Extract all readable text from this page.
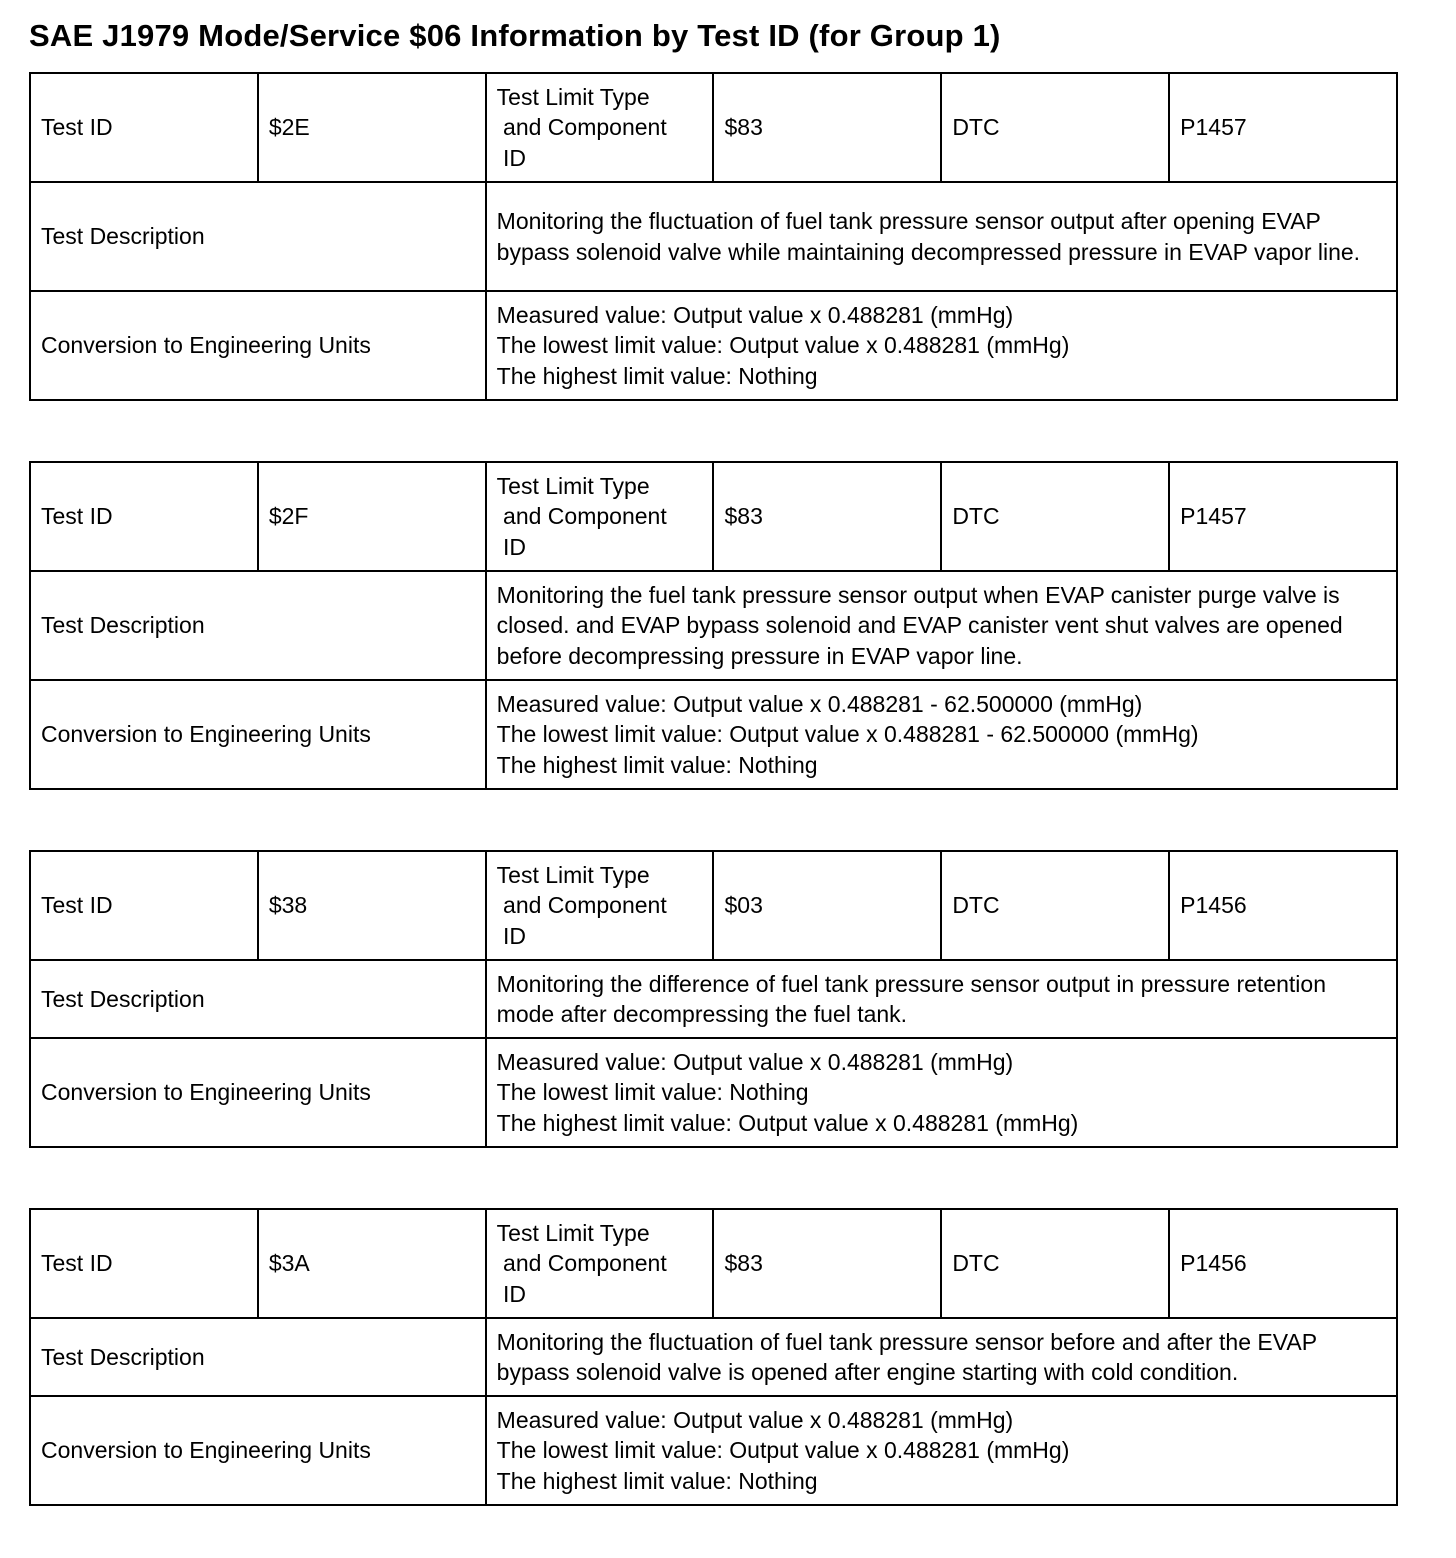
SAE J1979 Mode/Service $06 Information by Test ID (for Group 1)
Test ID	$2E	Test Limit Type
and Component
ID	$83	DTC	P1457
Test Description		Monitoring the fluctuation of fuel tank pressure sensor output after opening EVAP bypass solenoid valve while maintaining decompressed pressure in EVAP vapor line.			
Conversion to Engineering Units		Measured value: Output value x 0.488281 (mmHg)
The lowest limit value: Output value x 0.488281 (mmHg)
The highest limit value: Nothing			
Test ID	$2F	Test Limit Type
and Component
ID	$83	DTC	P1457
Test Description		Monitoring the fuel tank pressure sensor output when EVAP canister purge valve is closed. and EVAP bypass solenoid and EVAP canister vent shut valves are opened before decompressing pressure in EVAP vapor line.			
Conversion to Engineering Units		Measured value: Output value x 0.488281 - 62.500000 (mmHg)
The lowest limit value: Output value x 0.488281 - 62.500000 (mmHg)
The highest limit value: Nothing			
Test ID	$38	Test Limit Type
and Component
ID	$03	DTC	P1456
Test Description		Monitoring the difference of fuel tank pressure sensor output in pressure retention mode after decompressing the fuel tank.			
Conversion to Engineering Units		Measured value: Output value x 0.488281 (mmHg)
The lowest limit value: Nothing
The highest limit value: Output value x 0.488281 (mmHg)			
Test ID	$3A	Test Limit Type
and Component
ID	$83	DTC	P1456
Test Description		Monitoring the fluctuation of fuel tank pressure sensor before and after the EVAP bypass solenoid valve is opened after engine starting with cold condition.			
Conversion to Engineering Units		Measured value: Output value x 0.488281 (mmHg)
The lowest limit value: Output value x 0.488281 (mmHg)
The highest limit value: Nothing			
